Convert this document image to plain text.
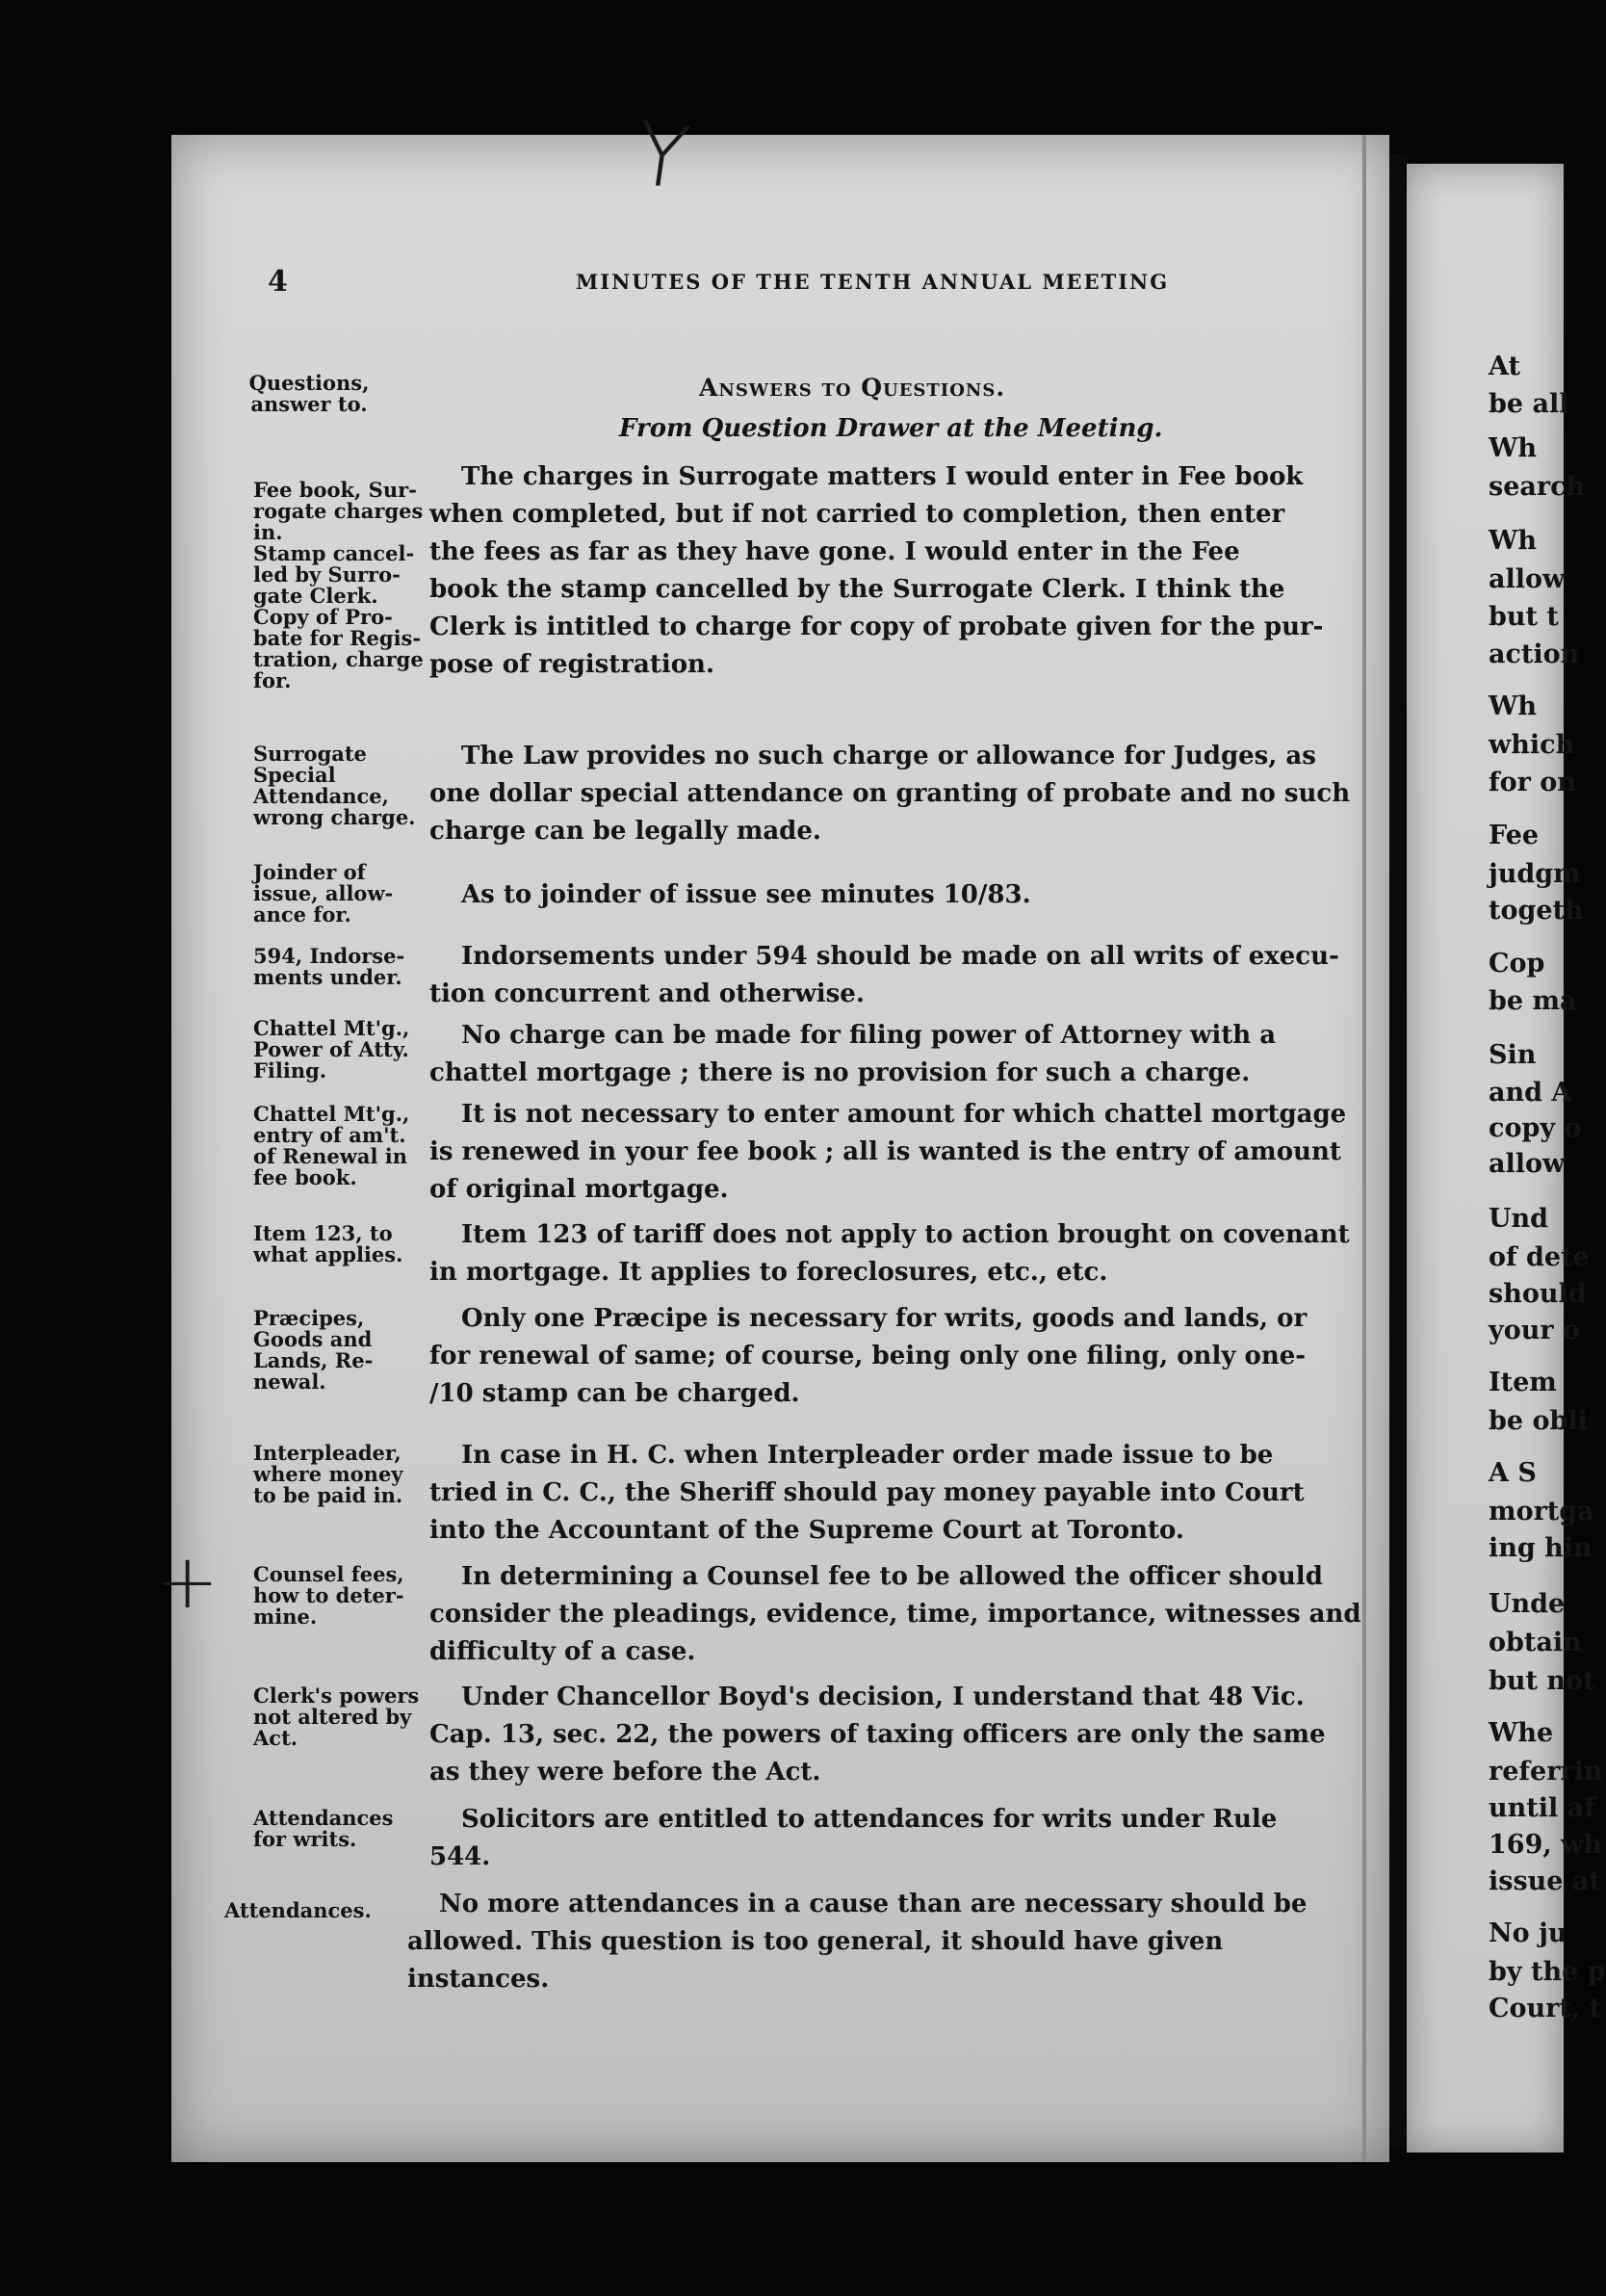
4	MINUTES OF THE TENTH ANNUAL MEETING
Y
Questions,
answer to.
Answers to Questions.
From Question Drawer at the Meeting.
Fee book, Sur-
rogate charges
in.
Stamp cancel-
led by Surro-
gate Clerk.
Copy of Pro-
bate for Regis-
tration, charge
for.
The charges in Surrogate matters I would enter in Fee book
when completed, but if not carried to completion, then enter
the fees as far as they have gone. I would enter in the Fee
book the stamp cancelled by the Surrogate Clerk. I think the
Clerk is intitled to charge for copy of probate given for the pur-
pose of registration.
Surrogate
Special
Attendance,
wrong charge.
The Law provides no such charge or allowance for Judges, as
one dollar special attendance on granting of probate and no such
charge can be legally made.
Joinder of
issue, allow-
ance for.
As to joinder of issue see minutes 10/83.
594, Indorse-
ments under.
Indorsements under 594 should be made on all writs of execu-
tion concurrent and otherwise.
Chattel Mt'g.,
Power of Atty.
Filing.
No charge can be made for filing power of Attorney with a
chattel mortgage ; there is no provision for such a charge.
Chattel Mt'g.,
entry of am't.
of Renewal in
fee book.
It is not necessary to enter amount for which chattel mortgage
is renewed in your fee book ; all is wanted is the entry of amount
of original mortgage.
Item 123, to
what applies.
Item 123 of tariff does not apply to action brought on covenant
in mortgage. It applies to foreclosures, etc., etc.
Præcipes,
Goods and
Lands, Re-
newal.
Only one Præcipe is necessary for writs, goods and lands, or
for renewal of same; of course, being only one filing, only one-
/10 stamp can be charged.
Interpleader,
where money
to be paid in.
In case in H. C. when Interpleader order made issue to be
tried in C. C., the Sheriff should pay money payable into Court
into the Accountant of the Supreme Court at Toronto.
+ Counsel fees,
how to deter-
mine.
In determining a Counsel fee to be allowed the officer should
consider the pleadings, evidence, time, importance, witnesses and
difficulty of a case.
Clerk's powers
not altered by
Act.
Under Chancellor Boyd's decision, I understand that 48 Vic.
Cap. 13, sec. 22, the powers of taxing officers are only the same
as they were before the Act.
Attendances
for writs.
Solicitors are entitled to attendances for writs under Rule
544.
Attendances.	No more attendances in a cause than are necessary should be
allowed. This question is too general, it should have given
instances.
At
be all
Wh
search
Wh
allow
but t
action
Wh
which
for on
Fee
judgm
togeth
Cop
be ma
Sin
and A
copy o
allow
Und
of dete
should
your o
Item
be obli
A S
mortga
ing hin
Unde
obtain
but not
Whe
referrin
until af
169, wh
issue at
No ju
by the p
Court, t
